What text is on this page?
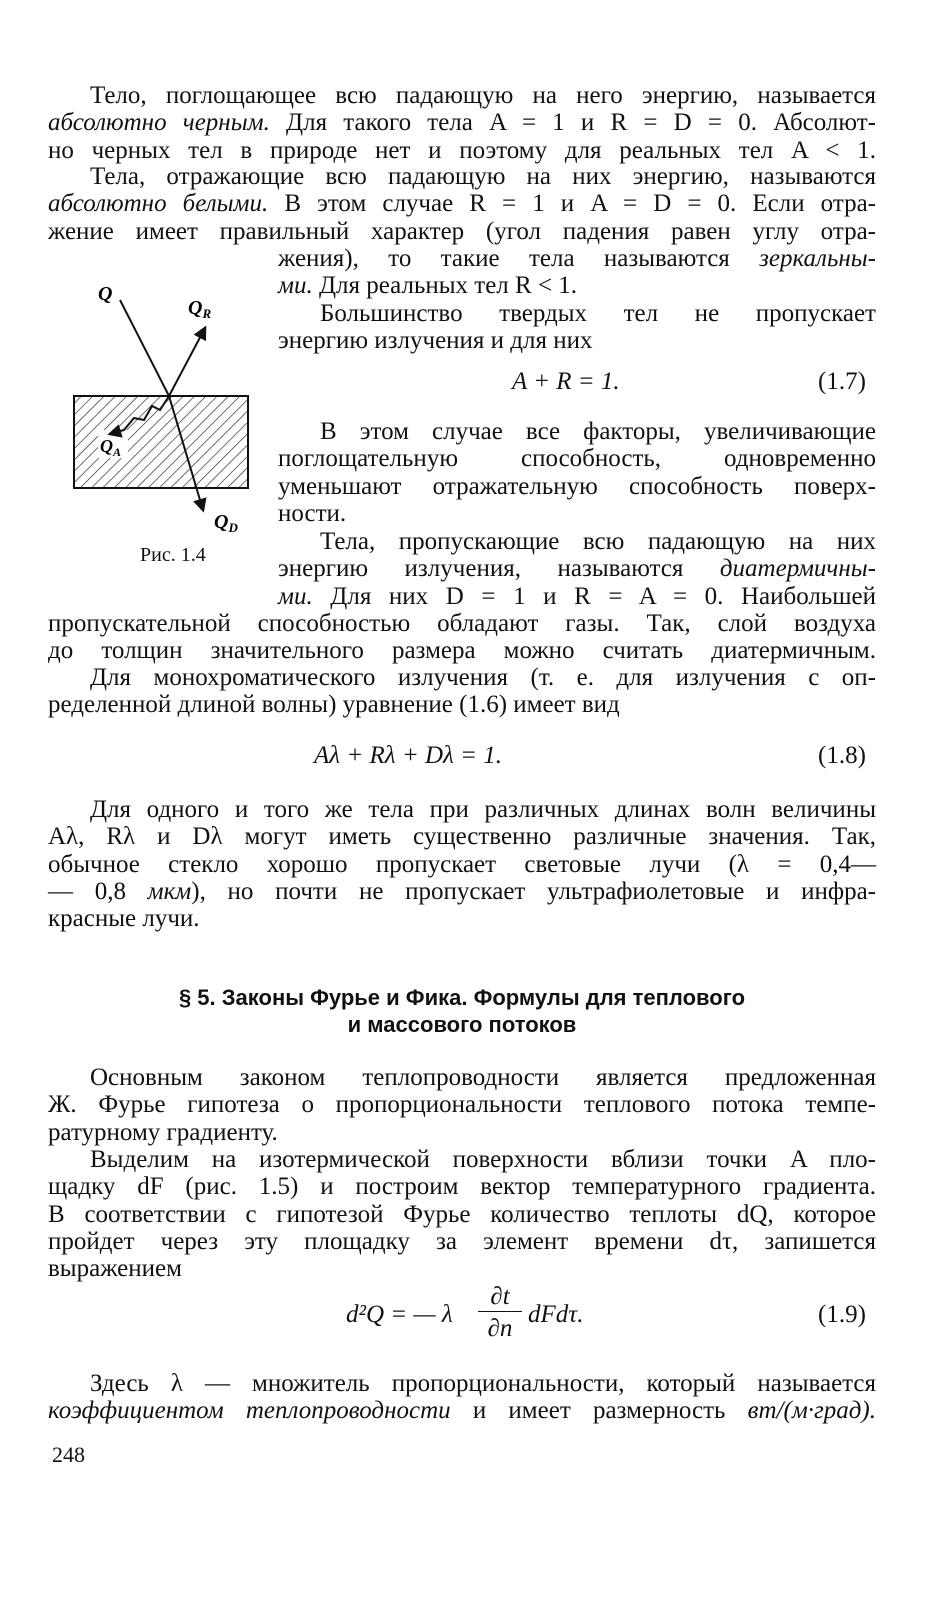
Тело, поглощающее всю падающую на него энергию, называется
абсолютно черным. Для такого тела A = 1 и R = D = 0. Абсолют-
но черных тел в природе нет и поэтому для реальных тел A < 1.
Тела, отражающие всю падающую на них энергию, называются
абсолютно белыми. В этом случае R = 1 и A = D = 0. Если отра-
жение имеет правильный характер (угол падения равен углу отра-
жения), то такие тела называются зеркальны-
ми. Для реальных тел R < 1.
Большинство твердых тел не пропускает
энергию излучения и для них
A + R = 1.	(1.7)
В этом случае все факторы, увеличивающие
поглощательную способность, одновременно
уменьшают отражательную способность поверх-
ности.
Тела, пропускающие всю падающую на них
энергию излучения, называются диатермичны-
ми. Для них D = 1 и R = A = 0. Наибольшей
пропускательной способностью обладают газы. Так, слой воздуха
до толщин значительного размера можно считать диатермичным.
Для монохроматического излучения (т. е. для излучения с оп-
ределенной длиной волны) уравнение (1.6) имеет вид
Aλ + Rλ + Dλ = 1.	(1.8)
Для одного и того же тела при различных длинах волн величины
Aλ, Rλ и Dλ могут иметь существенно различные значения. Так,
обычное стекло хорошо пропускает световые лучи (λ = 0,4—
— 0,8 мкм), но почти не пропускает ультрафиолетовые и инфра-
красные лучи.
§ 5. Законы Фурье и Фика. Формулы для теплового
и массового потоков
Основным законом теплопроводности является предложенная
Ж. Фурье гипотеза о пропорциональности теплового потока темпе-
ратурному градиенту.
Выделим на изотермической поверхности вблизи точки A пло-
щадку dF (рис. 1.5) и построим вектор температурного градиента.
В соответствии с гипотезой Фурье количество теплоты dQ, которое
пройдет через эту площадку за элемент времени dτ, запишется
выражением
d²Q = — λ
∂t
∂n
dFdτ.	(1.9)
Здесь λ — множитель пропорциональности, который называется
коэффициентом теплопроводности и имеет размерность вт/(м·град).
248
Q
$Q_R$
$Q_A$
$Q_D$
Рис. 1.4
